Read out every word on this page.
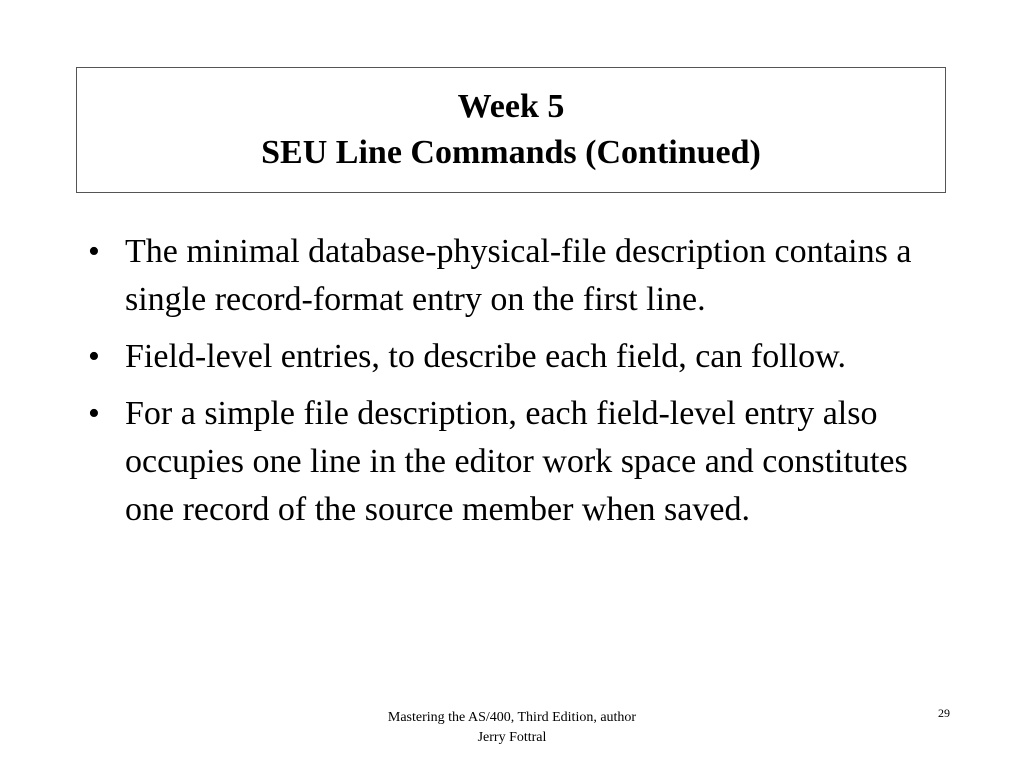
Week 5
SEU Line Commands (Continued)
• The minimal database-physical-file description contains a single record-format entry on the first line.
• Field-level entries, to describe each field, can follow.
• For a simple file description, each field-level entry also occupies one line in the editor work space and constitutes one record of the source member when saved.
Mastering the AS/400, Third Edition, author
Jerry Fottral
29
